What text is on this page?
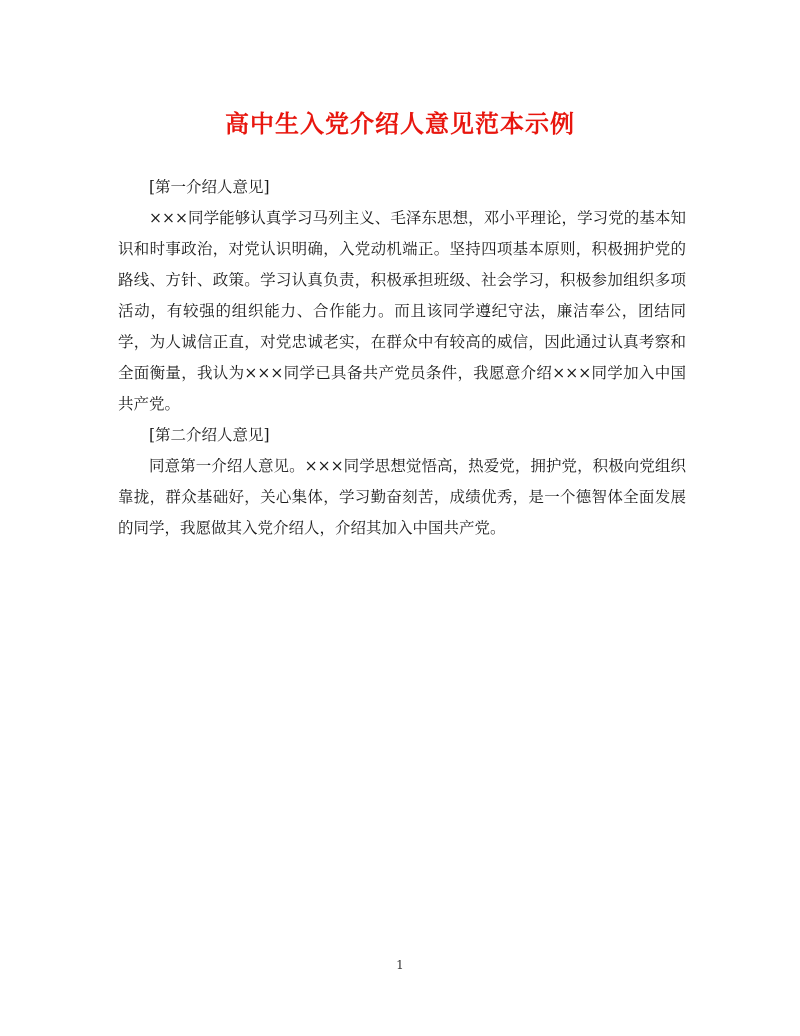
高中生入党介绍人意见范本示例

[第一介绍人意见]

×××同学能够认真学习马列主义、毛泽东思想，邓小平理论，学习党的基本知识和时事政治，对党认识明确，入党动机端正。坚持四项基本原则，积极拥护党的路线、方针、政策。学习认真负责，积极承担班级、社会学习，积极参加组织多项活动，有较强的组织能力、合作能力。而且该同学遵纪守法，廉洁奉公，团结同学，为人诚信正直，对党忠诚老实，在群众中有较高的威信，因此通过认真考察和全面衡量，我认为×××同学已具备共产党员条件，我愿意介绍×××同学加入中国共产党。

[第二介绍人意见]

同意第一介绍人意见。×××同学思想觉悟高，热爱党，拥护党，积极向党组织靠拢，群众基础好，关心集体，学习勤奋刻苦，成绩优秀，是一个德智体全面发展的同学，我愿做其入党介绍人，介绍其加入中国共产党。

1
